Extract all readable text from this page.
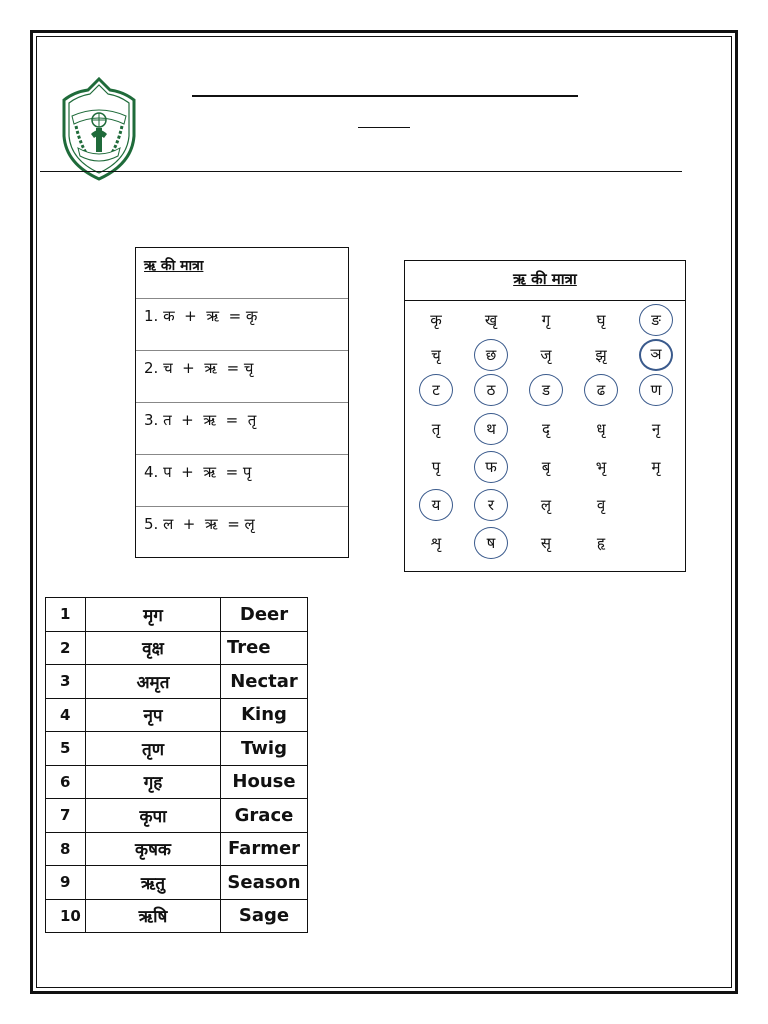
ऋ की मात्रा
1. क  +  ऋ  = कृ
2. च  +  ऋ  = चृ
3. त  +  ऋ  =  तृ
4. प  +  ऋ  = पृ
5. ल  +  ऋ  = लृ
ऋ की मात्रा
कृ	खृ	गृ	घृ	ङ
चृ	छ	जृ	झृ	ञ
ट	ठ	ड	ढ	ण
तृ	थ	दृ	धृ	नृ
पृ	फ	बृ	भृ	मृ
य	र	लृ	वृ
शृ	ष	सृ	हृ
1	मृग	Deer
2	वृक्ष	Tree
3	अमृत	Nectar
4	नृप	King
5	तृण	Twig
6	गृह	House
7	कृपा	Grace
8	कृषक	Farmer
9	ऋतु	Season
10	ऋषि	Sage
